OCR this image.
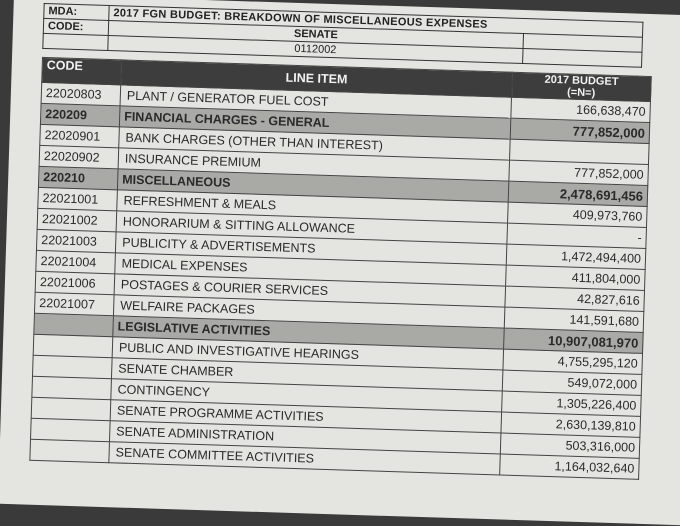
MDA:	2017 FGN BUDGET: BREAKDOWN OF MISCELLANEOUS EXPENSES	
CODE:	SENATE	
	0112002	
CODE	LINE ITEM	2017 BUDGET
(=N=)

22020803	PLANT / GENERATOR FUEL COST	166,638,470
220209	FINANCIAL CHARGES - GENERAL	777,852,000
22020901	BANK CHARGES (OTHER THAN INTEREST)	
22020902	INSURANCE PREMIUM	777,852,000
220210	MISCELLANEOUS	2,478,691,456
22021001	REFRESHMENT & MEALS	409,973,760
22021002	HONORARIUM & SITTING ALLOWANCE	-
22021003	PUBLICITY & ADVERTISEMENTS	1,472,494,400
22021004	MEDICAL EXPENSES	411,804,000
22021006	POSTAGES & COURIER SERVICES	42,827,616
22021007	WELFAIRE PACKAGES	141,591,680
	LEGISLATIVE ACTIVITIES	10,907,081,970
	PUBLIC AND INVESTIGATIVE HEARINGS	4,755,295,120
	SENATE CHAMBER	549,072,000
	CONTINGENCY	1,305,226,400
	SENATE PROGRAMME ACTIVITIES	2,630,139,810
	SENATE ADMINISTRATION	503,316,000
	SENATE COMMITTEE ACTIVITIES	1,164,032,640
